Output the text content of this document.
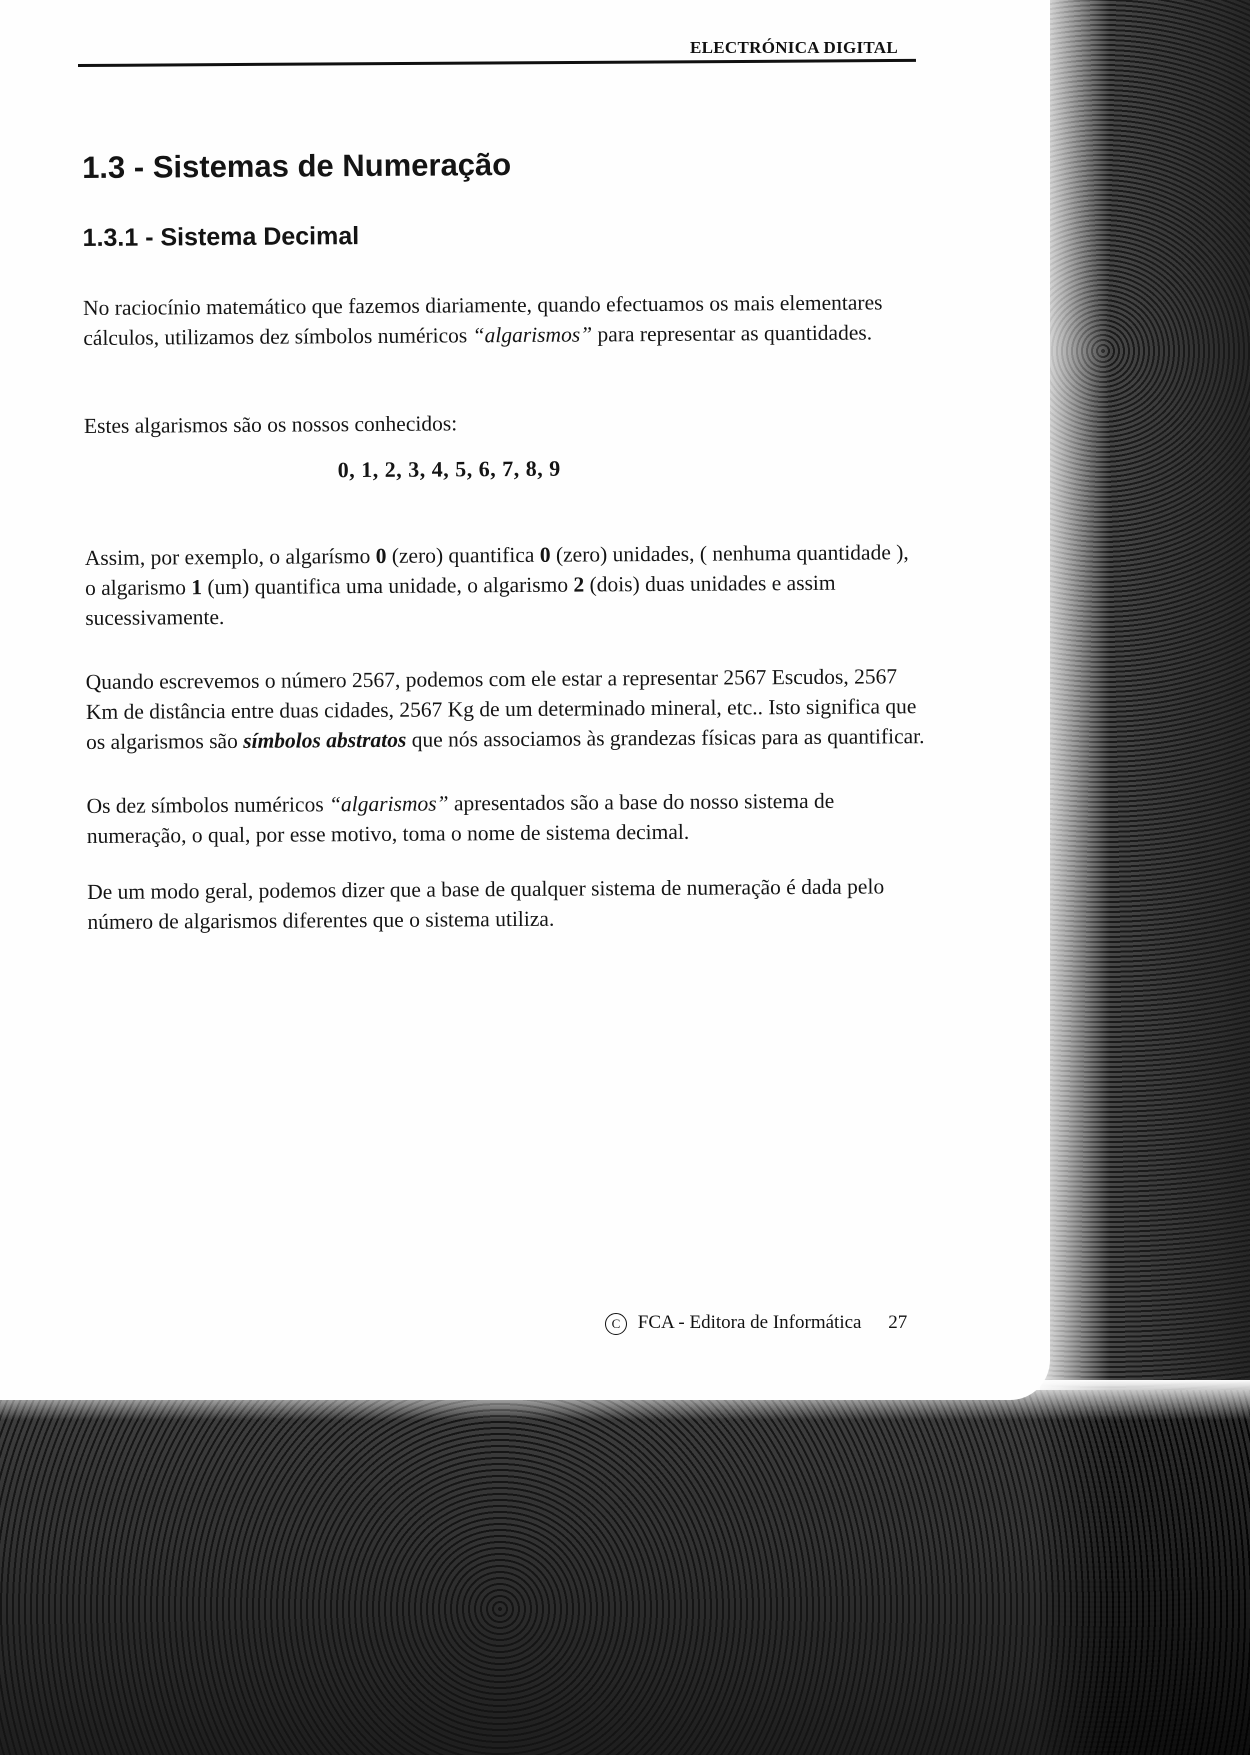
ELECTRÓNICA DIGITAL
1.3 - Sistemas de Numeração
1.3.1 - Sistema Decimal

No raciocínio matemático que fazemos diariamente, quando efectuamos os mais elementares cálculos, utilizamos dez símbolos numéricos “algarismos” para representar as quantidades.

Estes algarismos são os nossos conhecidos:

0, 1, 2, 3, 4, 5, 6, 7, 8, 9

Assim, por exemplo, o algarísmo 0 (zero) quantifica 0 (zero) unidades, ( nenhuma quantidade ), o algarismo 1 (um) quantifica uma unidade, o algarismo 2 (dois) duas unidades e assim sucessivamente.

Quando escrevemos o número 2567, podemos com ele estar a representar 2567 Escudos, 2567 Km de distância entre duas cidades, 2567 Kg de um determinado mineral, etc.. Isto significa que os algarismos são símbolos abstratos que nós associamos às grandezas físicas para as quantificar.

Os dez símbolos numéricos “algarismos” apresentados são a base do nosso sistema de numeração, o qual, por esse motivo, toma o nome de sistema decimal.

De um modo geral, podemos dizer que a base de qualquer sistema de numeração é dada pelo número de algarismos diferentes que o sistema utiliza.

C FCA - Editora de Informática 27
